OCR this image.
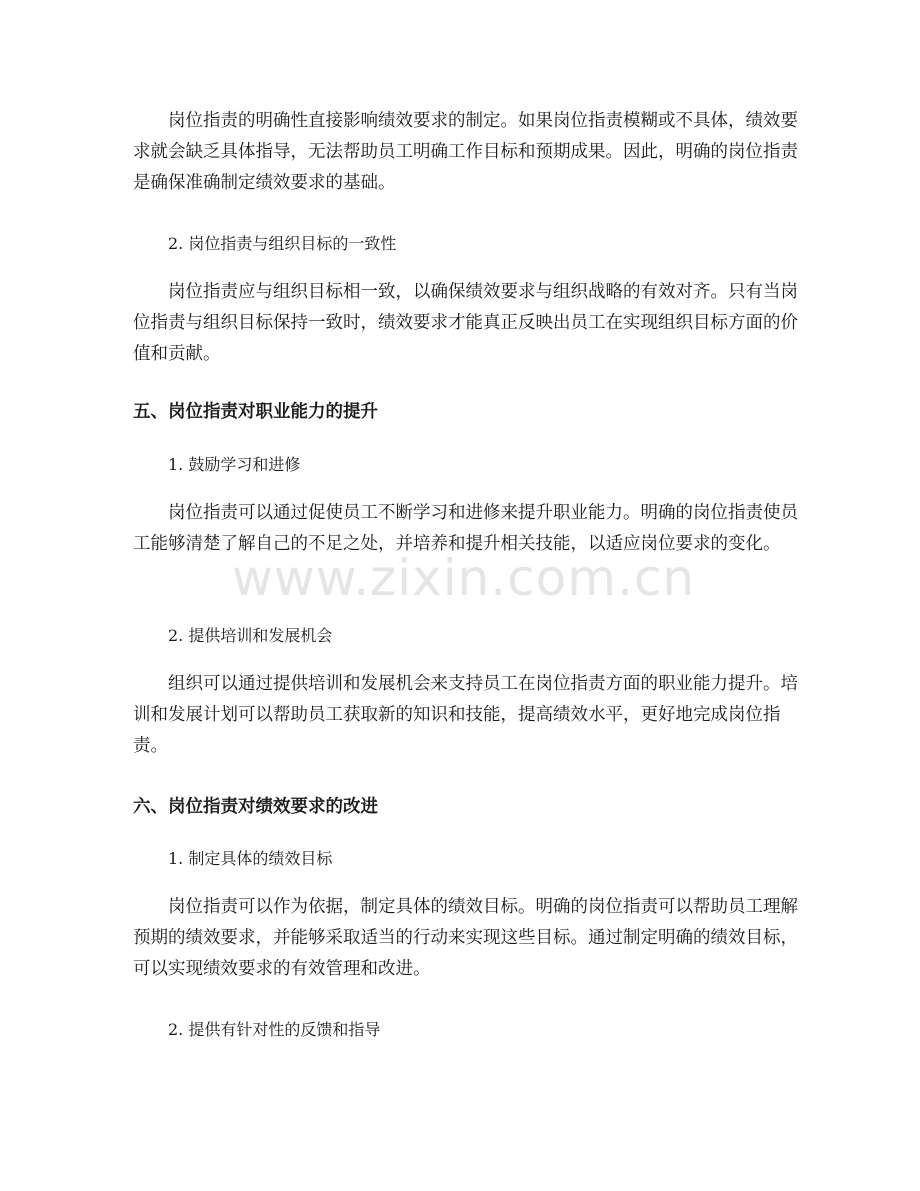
岗位指责的明确性直接影响绩效要求的制定。如果岗位指责模糊或不具体，绩效要求就会缺乏具体指导，无法帮助员工明确工作目标和预期成果。因此，明确的岗位指责是确保准确制定绩效要求的基础。

2. 岗位指责与组织目标的一致性

岗位指责应与组织目标相一致，以确保绩效要求与组织战略的有效对齐。只有当岗位指责与组织目标保持一致时，绩效要求才能真正反映出员工在实现组织目标方面的价值和贡献。

五、岗位指责对职业能力的提升

1. 鼓励学习和进修

岗位指责可以通过促使员工不断学习和进修来提升职业能力。明确的岗位指责使员工能够清楚了解自己的不足之处，并培养和提升相关技能，以适应岗位要求的变化。

2. 提供培训和发展机会

组织可以通过提供培训和发展机会来支持员工在岗位指责方面的职业能力提升。培训和发展计划可以帮助员工获取新的知识和技能，提高绩效水平，更好地完成岗位指责。

六、岗位指责对绩效要求的改进

1. 制定具体的绩效目标

岗位指责可以作为依据，制定具体的绩效目标。明确的岗位指责可以帮助员工理解预期的绩效要求，并能够采取适当的行动来实现这些目标。通过制定明确的绩效目标，可以实现绩效要求的有效管理和改进。

2. 提供有针对性的反馈和指导

www.zixin.com.cn
